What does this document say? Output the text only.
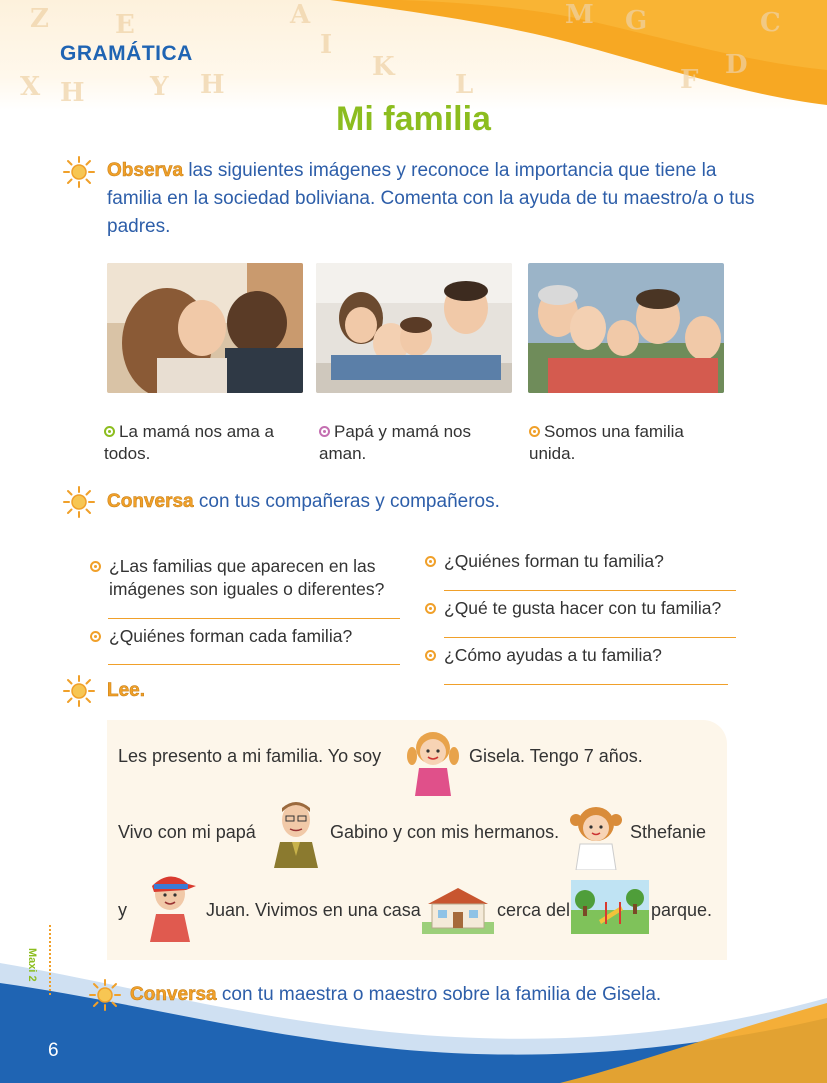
Z	E
H
I
A
K
L
M G	C
D
F
Y
H
X
GRAMÁTICA
Mi familia
Observa las siguientes imágenes y reconoce la importancia que tiene la familia en la sociedad boliviana. Comenta con la ayuda de tu maestro/a o tus padres.
La mamá nos ama a todos.
Papá y mamá nos aman.
Somos una familia unida.
Conversa con tus compañeras y compañeros.
¿Las familias que aparecen en las imágenes son iguales o diferentes?
¿Quiénes forman cada familia?
¿Quiénes forman tu familia?
¿Qué te gusta hacer con tu familia?
¿Cómo ayudas a tu familia?
Lee.
Les presento a mi familia. Yo soy	Gisela. Tengo 7 años.
Vivo con mi papá	Gabino y con mis hermanos.	Sthefanie
y	Juan. Vivimos en una casa	cerca del	parque.
Maxi 2
6
Conversa con tu maestra o maestro sobre la familia de Gisela.
